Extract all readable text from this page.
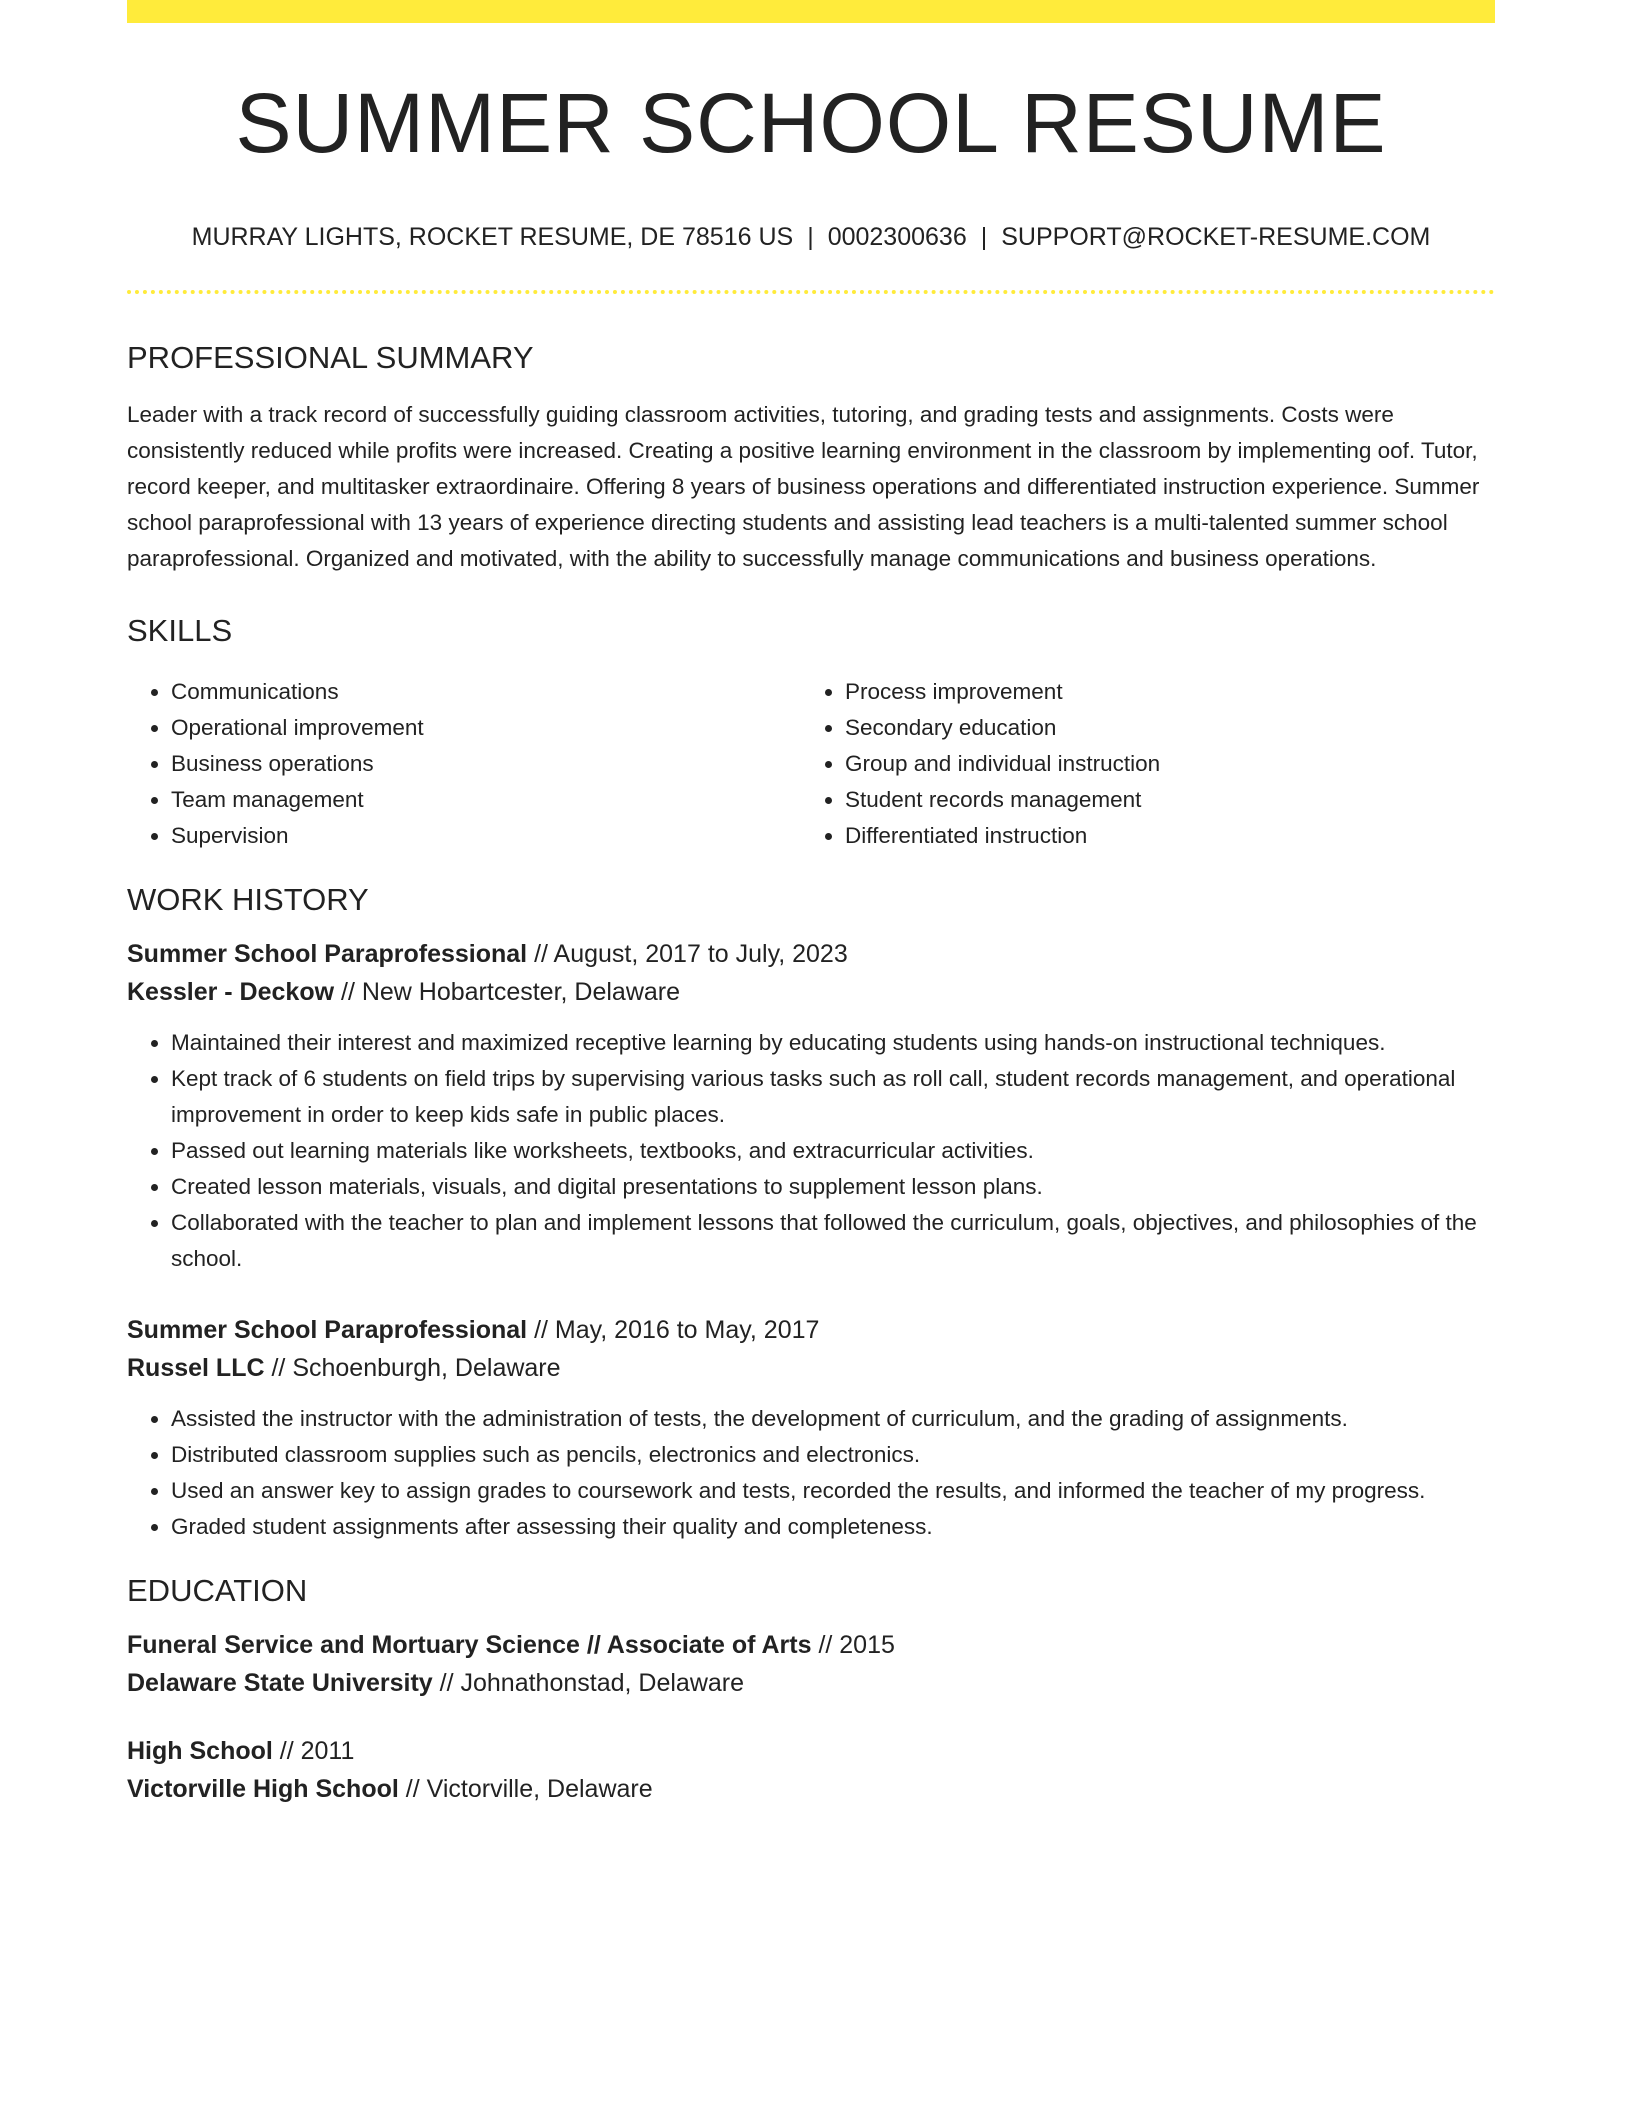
SUMMER SCHOOL RESUME
MURRAY LIGHTS, ROCKET RESUME, DE 78516 US | 0002300636 | SUPPORT@ROCKET-RESUME.COM
PROFESSIONAL SUMMARY
Leader with a track record of successfully guiding classroom activities, tutoring, and grading tests and assignments. Costs were consistently reduced while profits were increased. Creating a positive learning environment in the classroom by implementing oof. Tutor, record keeper, and multitasker extraordinaire. Offering 8 years of business operations and differentiated instruction experience. Summer school paraprofessional with 13 years of experience directing students and assisting lead teachers is a multi-talented summer school paraprofessional. Organized and motivated, with the ability to successfully manage communications and business operations.
SKILLS
• Communications
• Operational improvement
• Business operations
• Team management
• Supervision
• Process improvement
• Secondary education
• Group and individual instruction
• Student records management
• Differentiated instruction
WORK HISTORY
Summer School Paraprofessional // August, 2017 to July, 2023
Kessler - Deckow // New Hobartcester, Delaware
• Maintained their interest and maximized receptive learning by educating students using hands-on instructional techniques.
• Kept track of 6 students on field trips by supervising various tasks such as roll call, student records management, and operational improvement in order to keep kids safe in public places.
• Passed out learning materials like worksheets, textbooks, and extracurricular activities.
• Created lesson materials, visuals, and digital presentations to supplement lesson plans.
• Collaborated with the teacher to plan and implement lessons that followed the curriculum, goals, objectives, and philosophies of the school.
Summer School Paraprofessional // May, 2016 to May, 2017
Russel LLC // Schoenburgh, Delaware
• Assisted the instructor with the administration of tests, the development of curriculum, and the grading of assignments.
• Distributed classroom supplies such as pencils, electronics and electronics.
• Used an answer key to assign grades to coursework and tests, recorded the results, and informed the teacher of my progress.
• Graded student assignments after assessing their quality and completeness.
EDUCATION
Funeral Service and Mortuary Science // Associate of Arts // 2015
Delaware State University // Johnathonstad, Delaware
High School // 2011
Victorville High School // Victorville, Delaware
